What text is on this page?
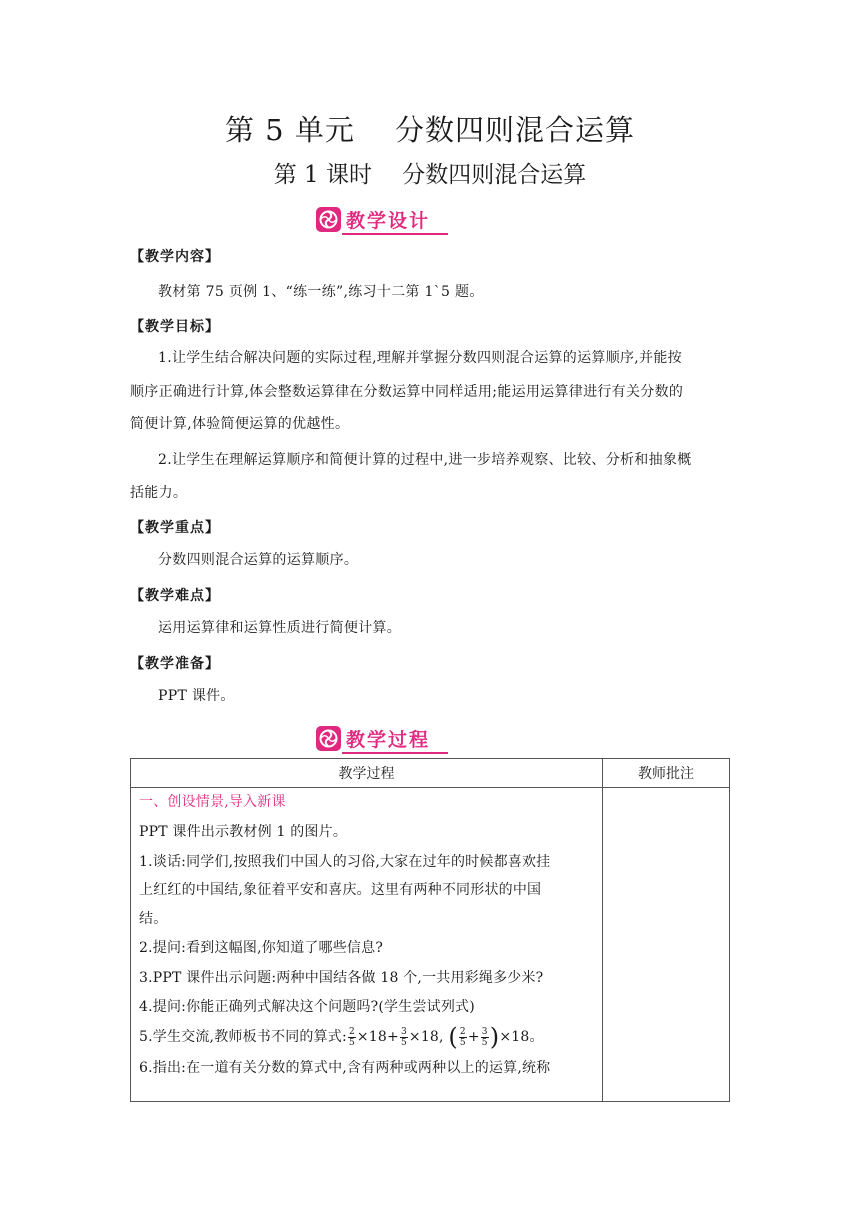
第 5 单元　 分数四则混合运算
第 1 课时　 分数四则混合运算
教学设计
【教学内容】
教材第 75 页例 1、“练一练”,练习十二第 1`5 题。
【教学目标】
1.让学生结合解决问题的实际过程,理解并掌握分数四则混合运算的运算顺序,并能按
顺序正确进行计算,体会整数运算律在分数运算中同样适用;能运用运算律进行有关分数的
简便计算,体验简便运算的优越性。
2.让学生在理解运算顺序和简便计算的过程中,进一步培养观察、比较、分析和抽象概
括能力。
【教学重点】
分数四则混合运算的运算顺序。
【教学难点】
运用运算律和运算性质进行简便计算。
【教学准备】
PPT 课件。
教学过程
教学过程	教师批注
一、创设情景,导入新课
PPT 课件出示教材例 1 的图片。
1.谈话:同学们,按照我们中国人的习俗,大家在过年的时候都喜欢挂
上红红的中国结,象征着平安和喜庆。这里有两种不同形状的中国
结。
2.提问:看到这幅图,你知道了哪些信息?
3.PPT 课件出示问题:两种中国结各做 18 个,一共用彩绳多少米?
4.提问:你能正确列式解决这个问题吗?(学生尝试列式)
5.学生交流,教师板书不同的算式: $\frac{2}{5} \times 18+ \frac{3}{5} \times 18$, ( $\frac{2}{5} + \frac{3}{5} )\times 18$。
6.指出:在一道有关分数的算式中,含有两种或两种以上的运算,统称
